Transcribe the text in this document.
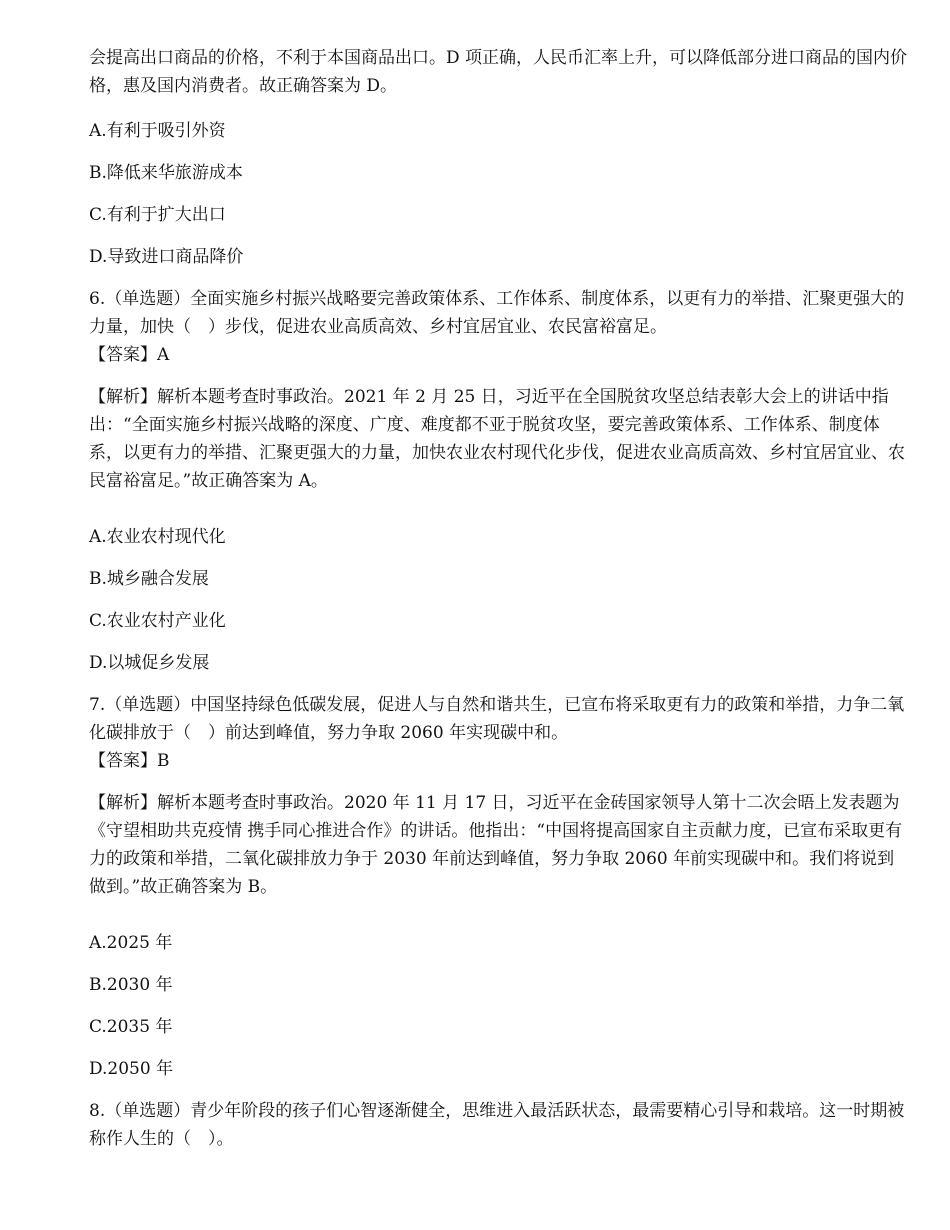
会提高出口商品的价格，不利于本国商品出口。D 项正确，人民币汇率上升，可以降低部分进口商品的国内价格，惠及国内消费者。故正确答案为 D。

A.有利于吸引外资

B.降低来华旅游成本

C.有利于扩大出口

D.导致进口商品降价

6.（单选题）全面实施乡村振兴战略要完善政策体系、工作体系、制度体系，以更有力的举措、汇聚更强大的力量，加快（　）步伐，促进农业高质高效、乡村宜居宜业、农民富裕富足。

【答案】A

【解析】解析本题考查时事政治。2021 年 2 月 25 日，习近平在全国脱贫攻坚总结表彰大会上的讲话中指出：“全面实施乡村振兴战略的深度、广度、难度都不亚于脱贫攻坚，要完善政策体系、工作体系、制度体系，以更有力的举措、汇聚更强大的力量，加快农业农村现代化步伐，促进农业高质高效、乡村宜居宜业、农民富裕富足。”故正确答案为 A。

A.农业农村现代化

B.城乡融合发展

C.农业农村产业化

D.以城促乡发展

7.（单选题）中国坚持绿色低碳发展，促进人与自然和谐共生，已宣布将采取更有力的政策和举措，力争二氧化碳排放于（　）前达到峰值，努力争取 2060 年实现碳中和。

【答案】B

【解析】解析本题考查时事政治。2020 年 11 月 17 日，习近平在金砖国家领导人第十二次会晤上发表题为《守望相助共克疫情 携手同心推进合作》的讲话。他指出：“中国将提高国家自主贡献力度，已宣布采取更有力的政策和举措，二氧化碳排放力争于 2030 年前达到峰值，努力争取 2060 年前实现碳中和。我们将说到做到。”故正确答案为 B。

A.2025 年

B.2030 年

C.2035 年

D.2050 年

8.（单选题）青少年阶段的孩子们心智逐渐健全，思维进入最活跃状态，最需要精心引导和栽培。这一时期被称作人生的（　）。
